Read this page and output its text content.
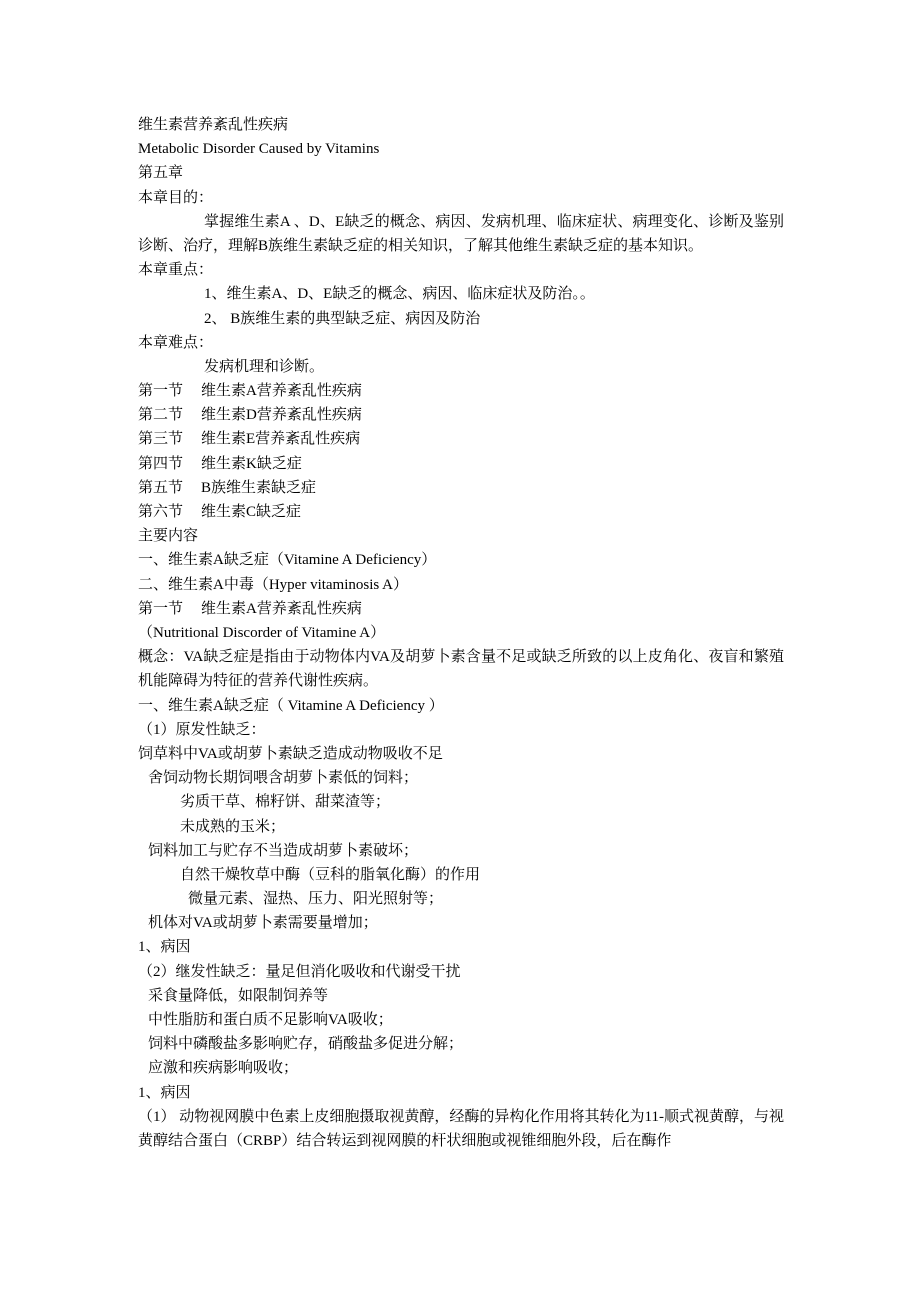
维生素营养紊乱性疾病
Metabolic Disorder Caused by Vitamins
第五章
本章目的：
掌握维生素A 、D、E缺乏的概念、病因、发病机理、临床症状、病理变化、诊断及鉴别诊断、治疗，理解B族维生素缺乏症的相关知识，了解其他维生素缺乏症的基本知识。
本章重点：
1、维生素A、D、E缺乏的概念、病因、临床症状及防治。。
2、 B族维生素的典型缺乏症、病因及防治
本章难点：
发病机理和诊断。
第一节 维生素A营养紊乱性疾病
第二节 维生素D营养紊乱性疾病
第三节 维生素E营养紊乱性疾病
第四节 维生素K缺乏症
第五节 B族维生素缺乏症
第六节 维生素C缺乏症
主要内容
一、维生素A缺乏症（Vitamine A Deficiency）
二、维生素A中毒（Hyper vitaminosis A）
第一节 维生素A营养紊乱性疾病
（Nutritional Discorder of Vitamine A）
概念：VA缺乏症是指由于动物体内VA及胡萝卜素含量不足或缺乏所致的以上皮角化、夜盲和繁殖机能障碍为特征的营养代谢性疾病。
一、维生素A缺乏症（ Vitamine A Deficiency ）
（1）原发性缺乏：
饲草料中VA或胡萝卜素缺乏造成动物吸收不足
舍饲动物长期饲喂含胡萝卜素低的饲料；
劣质干草、棉籽饼、甜菜渣等；
未成熟的玉米；
饲料加工与贮存不当造成胡萝卜素破坏；
自然干燥牧草中酶（豆科的脂氧化酶）的作用
微量元素、湿热、压力、阳光照射等；
机体对VA或胡萝卜素需要量增加；
1、病因
（2）继发性缺乏：量足但消化吸收和代谢受干扰
采食量降低，如限制饲养等
中性脂肪和蛋白质不足影响VA吸收；
饲料中磷酸盐多影响贮存，硝酸盐多促进分解；
应激和疾病影响吸收；
1、病因
（1） 动物视网膜中色素上皮细胞摄取视黄醇，经酶的异构化作用将其转化为11-顺式视黄醇，与视黄醇结合蛋白（CRBP）结合转运到视网膜的杆状细胞或视锥细胞外段，后在酶作
